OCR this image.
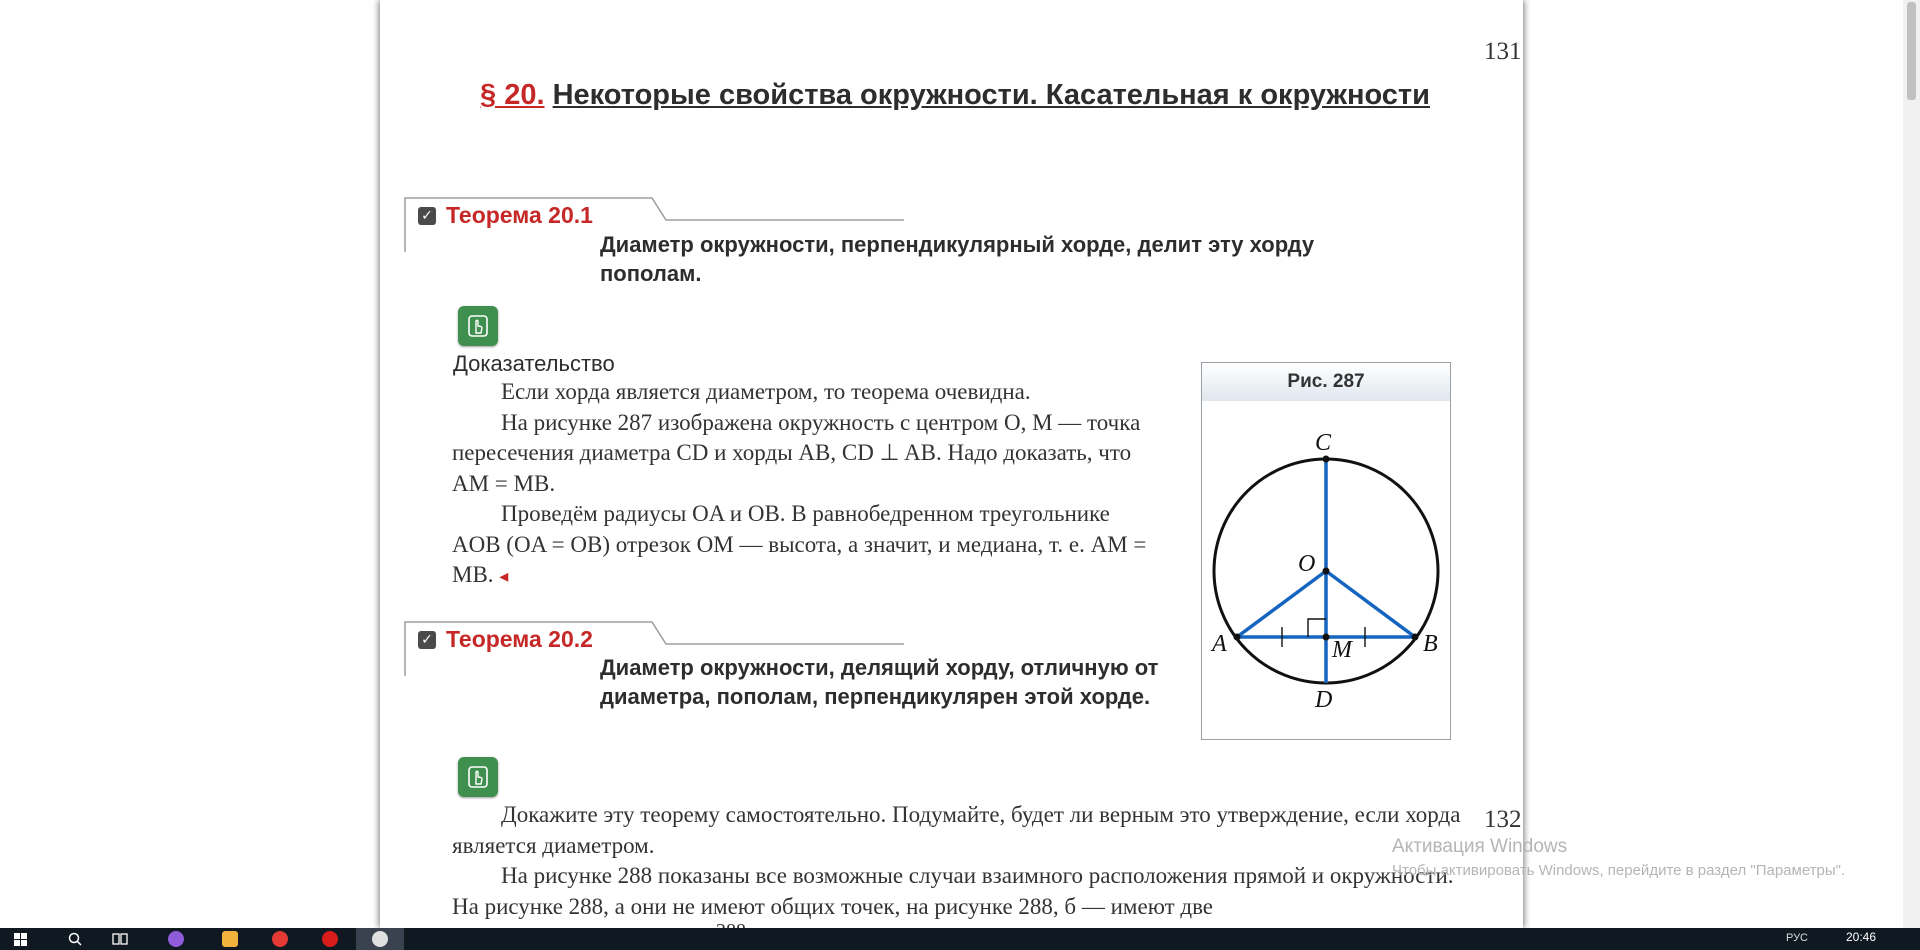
131
§ 20. Некоторые свойства окружности. Касательная к окружности
✓ Теорема 20.1
Диаметр окружности, перпендикулярный хорде, делит эту хорду пополам.
Доказательство

Если хорда является диаметром, то теорема очевидна.

На рисунке 287 изображена окружность с центром O, M — точка пересечения диаметра CD и хорды AB, CD ⊥ AB. Надо доказать, что AM = MB.

Проведём радиусы OA и OB. В равнобедренном треугольнике AOB (OA = OB) отрезок OM — высота, а значит, и медиана, т. е. AM = MB. ◂

Рис. 287
C
O
A	M	B
D
✓ Теорема 20.2
Диаметр окружности, делящий хорду, отличную от диаметра, пополам, перпендикулярен этой хорде.

Докажите эту теорему самостоятельно. Подумайте, будет ли верным это утверждение, если хорда является диаметром.

На рисунке 288 показаны все возможные случаи взаимного расположения прямой и окружности. На рисунке 288, а они не имеют общих точек, на рисунке 288, б — имеют две

132
Активация Windows
Чтобы активировать Windows, перейдите в раздел "Параметры".
РУС	20:46
